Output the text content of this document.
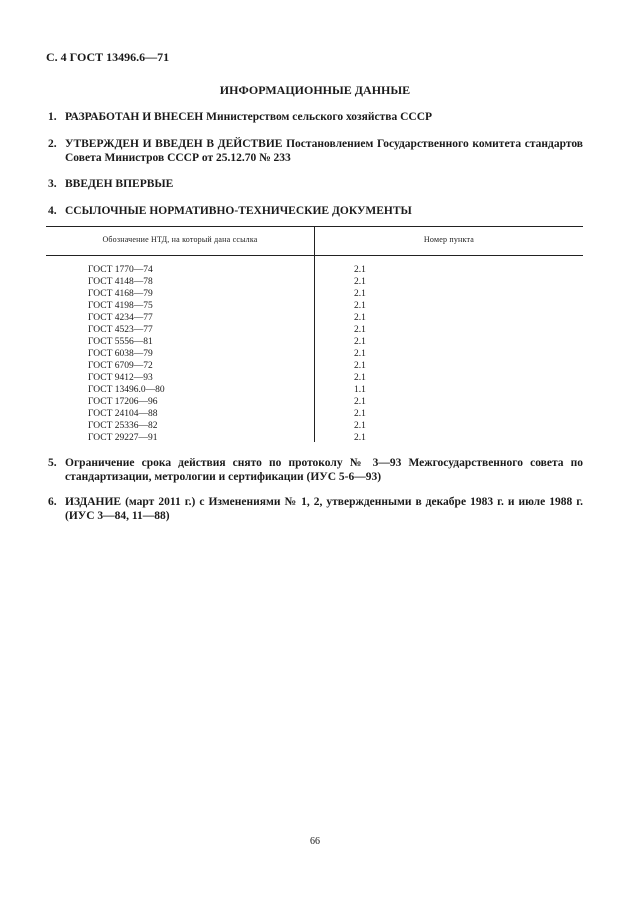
С. 4 ГОСТ 13496.6—71
ИНФОРМАЦИОННЫЕ ДАННЫЕ
1. РАЗРАБОТАН И ВНЕСЕН Министерством сельского хозяйства СССР
2. УТВЕРЖДЕН И ВВЕДЕН В ДЕЙСТВИЕ Постановлением Государственного комитета стандартов Совета Министров СССР от 25.12.70 № 233
3. ВВЕДЕН ВПЕРВЫЕ
4. ССЫЛОЧНЫЕ НОРМАТИВНО-ТЕХНИЧЕСКИЕ ДОКУМЕНТЫ
Обозначение НТД, на который дана ссылка	Номер пункта
ГОСТ 1770—74	2.1
ГОСТ 4148—78	2.1
ГОСТ 4168—79	2.1
ГОСТ 4198—75	2.1
ГОСТ 4234—77	2.1
ГОСТ 4523—77	2.1
ГОСТ 5556—81	2.1
ГОСТ 6038—79	2.1
ГОСТ 6709—72	2.1
ГОСТ 9412—93	2.1
ГОСТ 13496.0—80	1.1
ГОСТ 17206—96	2.1
ГОСТ 24104—88	2.1
ГОСТ 25336—82	2.1
ГОСТ 29227—91	2.1
5. Ограничение срока действия снято по протоколу № 3—93 Межгосударственного совета по стандартизации, метрологии и сертификации (ИУС 5-6—93)
6. ИЗДАНИЕ (март 2011 г.) с Изменениями № 1, 2, утвержденными в декабре 1983 г. и июле 1988 г. (ИУС 3—84, 11—88)
66
